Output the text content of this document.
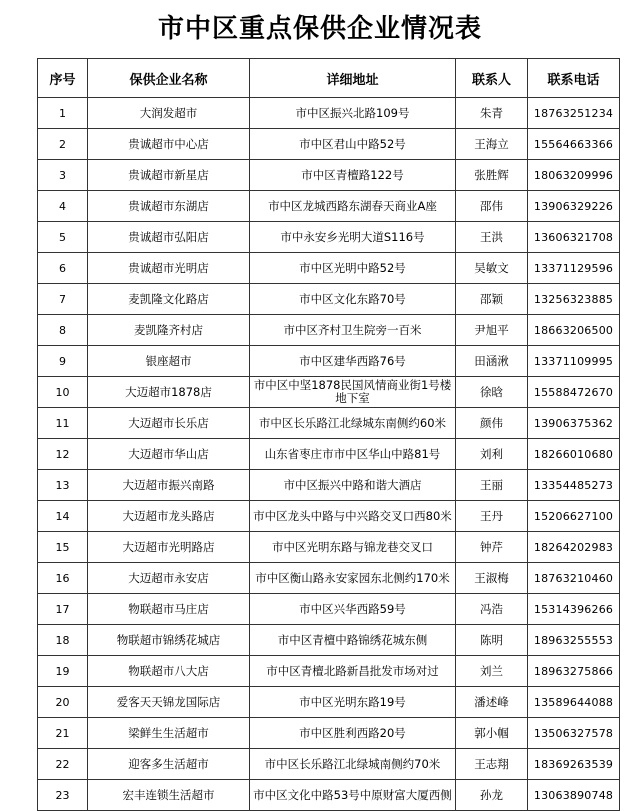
市中区重点保供企业情况表
序号	保供企业名称	详细地址	联系人	联系电话
1	大润发超市	市中区振兴北路109号	朱青	18763251234
2	贵诚超市中心店	市中区君山中路52号	王海立	15564663366
3	贵诚超市新星店	市中区青檀路122号	张胜辉	18063209996
4	贵诚超市东湖店	市中区龙城西路东湖春天商业A座	邵伟	13906329226
5	贵诚超市弘阳店	市中永安乡光明大道S116号	王洪	13606321708
6	贵诚超市光明店	市中区光明中路52号	吴敏文	13371129596
7	麦凯隆文化路店	市中区文化东路70号	邵颖	13256323885
8	麦凯隆齐村店	市中区齐村卫生院旁一百米	尹旭平	18663206500
9	银座超市	市中区建华西路76号	田涵湫	13371109995
10	大迈超市1878店	市中区中坚1878民国风情商业街1号楼地下室	徐晗	15588472670
11	大迈超市长乐店	市中区长乐路江北绿城东南侧约60米	颜伟	13906375362
12	大迈超市华山店	山东省枣庄市市中区华山中路81号	刘利	18266010680
13	大迈超市振兴南路	市中区振兴中路和谐大酒店	王丽	13354485273
14	大迈超市龙头路店	市中区龙头中路与中兴路交叉口西80米	王丹	15206627100
15	大迈超市光明路店	市中区光明东路与锦龙巷交叉口	钟芹	18264202983
16	大迈超市永安店	市中区衡山路永安家园东北侧约170米	王淑梅	18763210460
17	物联超市马庄店	市中区兴华西路59号	冯浩	15314396266
18	物联超市锦绣花城店	市中区青檀中路锦绣花城东侧	陈明	18963255553
19	物联超市八大店	市中区青檀北路新昌批发市场对过	刘兰	18963275866
20	爱客天天锦龙国际店	市中区光明东路19号	潘述峰	13589644088
21	梁鲜生生活超市	市中区胜利西路20号	郭小帼	13506327578
22	迎客多生活超市	市中区长乐路江北绿城南侧约70米	王志翔	18369263539
23	宏丰连锁生活超市	市中区文化中路53号中原财富大厦西侧	孙龙	13063890748
